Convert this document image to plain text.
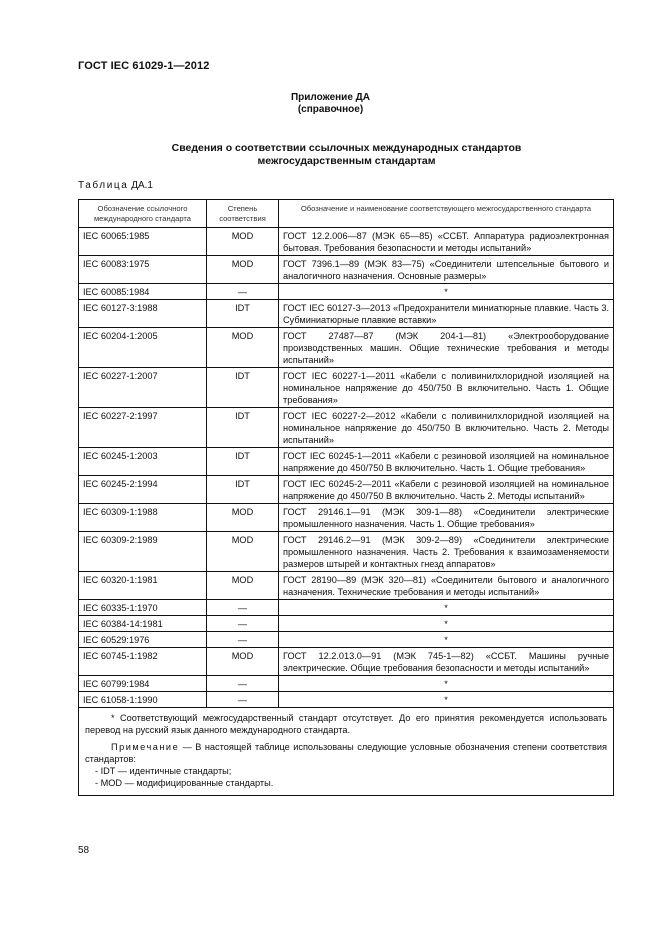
ГОСТ IEC 61029-1—2012
Приложение ДА
(справочное)
Сведения о соответствии ссылочных международных стандартов
межгосударственным стандартам
Таблица ДА.1
Обозначение ссылочного международного стандарта	Степень соответствия	Обозначение и наименование соответствующего межгосударственного стандарта
IEC 60065:1985	MOD	ГОСТ 12.2.006—87 (МЭК 65—85) «ССБТ. Аппаратура радиоэлектронная бытовая. Требования безопасности и методы испытаний»
IEC 60083:1975	MOD	ГОСТ 7396.1—89 (МЭК 83—75) «Соединители штепсельные бытового и аналогичного назначения. Основные размеры»
IEC 60085:1984	—	*
IEC 60127-3:1988	IDT	ГОСТ IEC 60127-3—2013 «Предохранители миниатюрные плавкие. Часть 3. Субминиатюрные плавкие вставки»
IEC 60204-1:2005	MOD	ГОСТ 27487—87 (МЭК 204-1—81) «Электрооборудование производственных машин. Общие технические требования и методы испытаний»
IEC 60227-1:2007	IDT	ГОСТ IEC 60227-1—2011 «Кабели с поливинилхлоридной изоляцией на номинальное напряжение до 450/750 В включительно. Часть 1. Общие требования»
IEC 60227-2:1997	IDT	ГОСТ IEC 60227-2—2012 «Кабели с поливинилхлоридной изоляцией на номинальное напряжение до 450/750 В включительно. Часть 2. Методы испытаний»
IEC 60245-1:2003	IDT	ГОСТ IEC 60245-1—2011 «Кабели с резиновой изоляцией на номинальное напряжение до 450/750 В включительно. Часть 1. Общие требования»
IEC 60245-2:1994	IDT	ГОСТ IEC 60245-2—2011 «Кабели с резиновой изоляцией на номинальное напряжение до 450/750 В включительно. Часть 2. Методы испытаний»
IEC 60309-1:1988	MOD	ГОСТ 29146.1—91 (МЭК 309-1—88) «Соединители электрические промышленного назначения. Часть 1. Общие требования»
IEC 60309-2:1989	MOD	ГОСТ 29146.2—91 (МЭК 309-2—89) «Соединители электрические промышленного назначения. Часть 2. Требования к взаимозаменяемости размеров штырей и контактных гнезд аппаратов»
IEC 60320-1:1981	MOD	ГОСТ 28190—89 (МЭК 320—81) «Соединители бытового и аналогичного назначения. Технические требования и методы испытаний»
IEC 60335-1:1970	—	*
IEC 60384-14:1981	—	*
IEC 60529:1976	—	*
IEC 60745-1:1982	MOD	ГОСТ 12.2.013.0—91 (МЭК 745-1—82) «ССБТ. Машины ручные электрические. Общие требования безопасности и методы испытаний»
IEC 60799:1984	—	*
IEC 61058-1:1990	—	*

* Соответствующий межгосударственный стандарт отсутствует. До его принятия рекомендуется использовать перевод на русский язык данного международного стандарта.

Примечание — В настоящей таблице использованы следующие условные обозначения степени соответствия стандартов:

- IDT — идентичные стандарты;
- MOD — модифицированные стандарты.		
58
